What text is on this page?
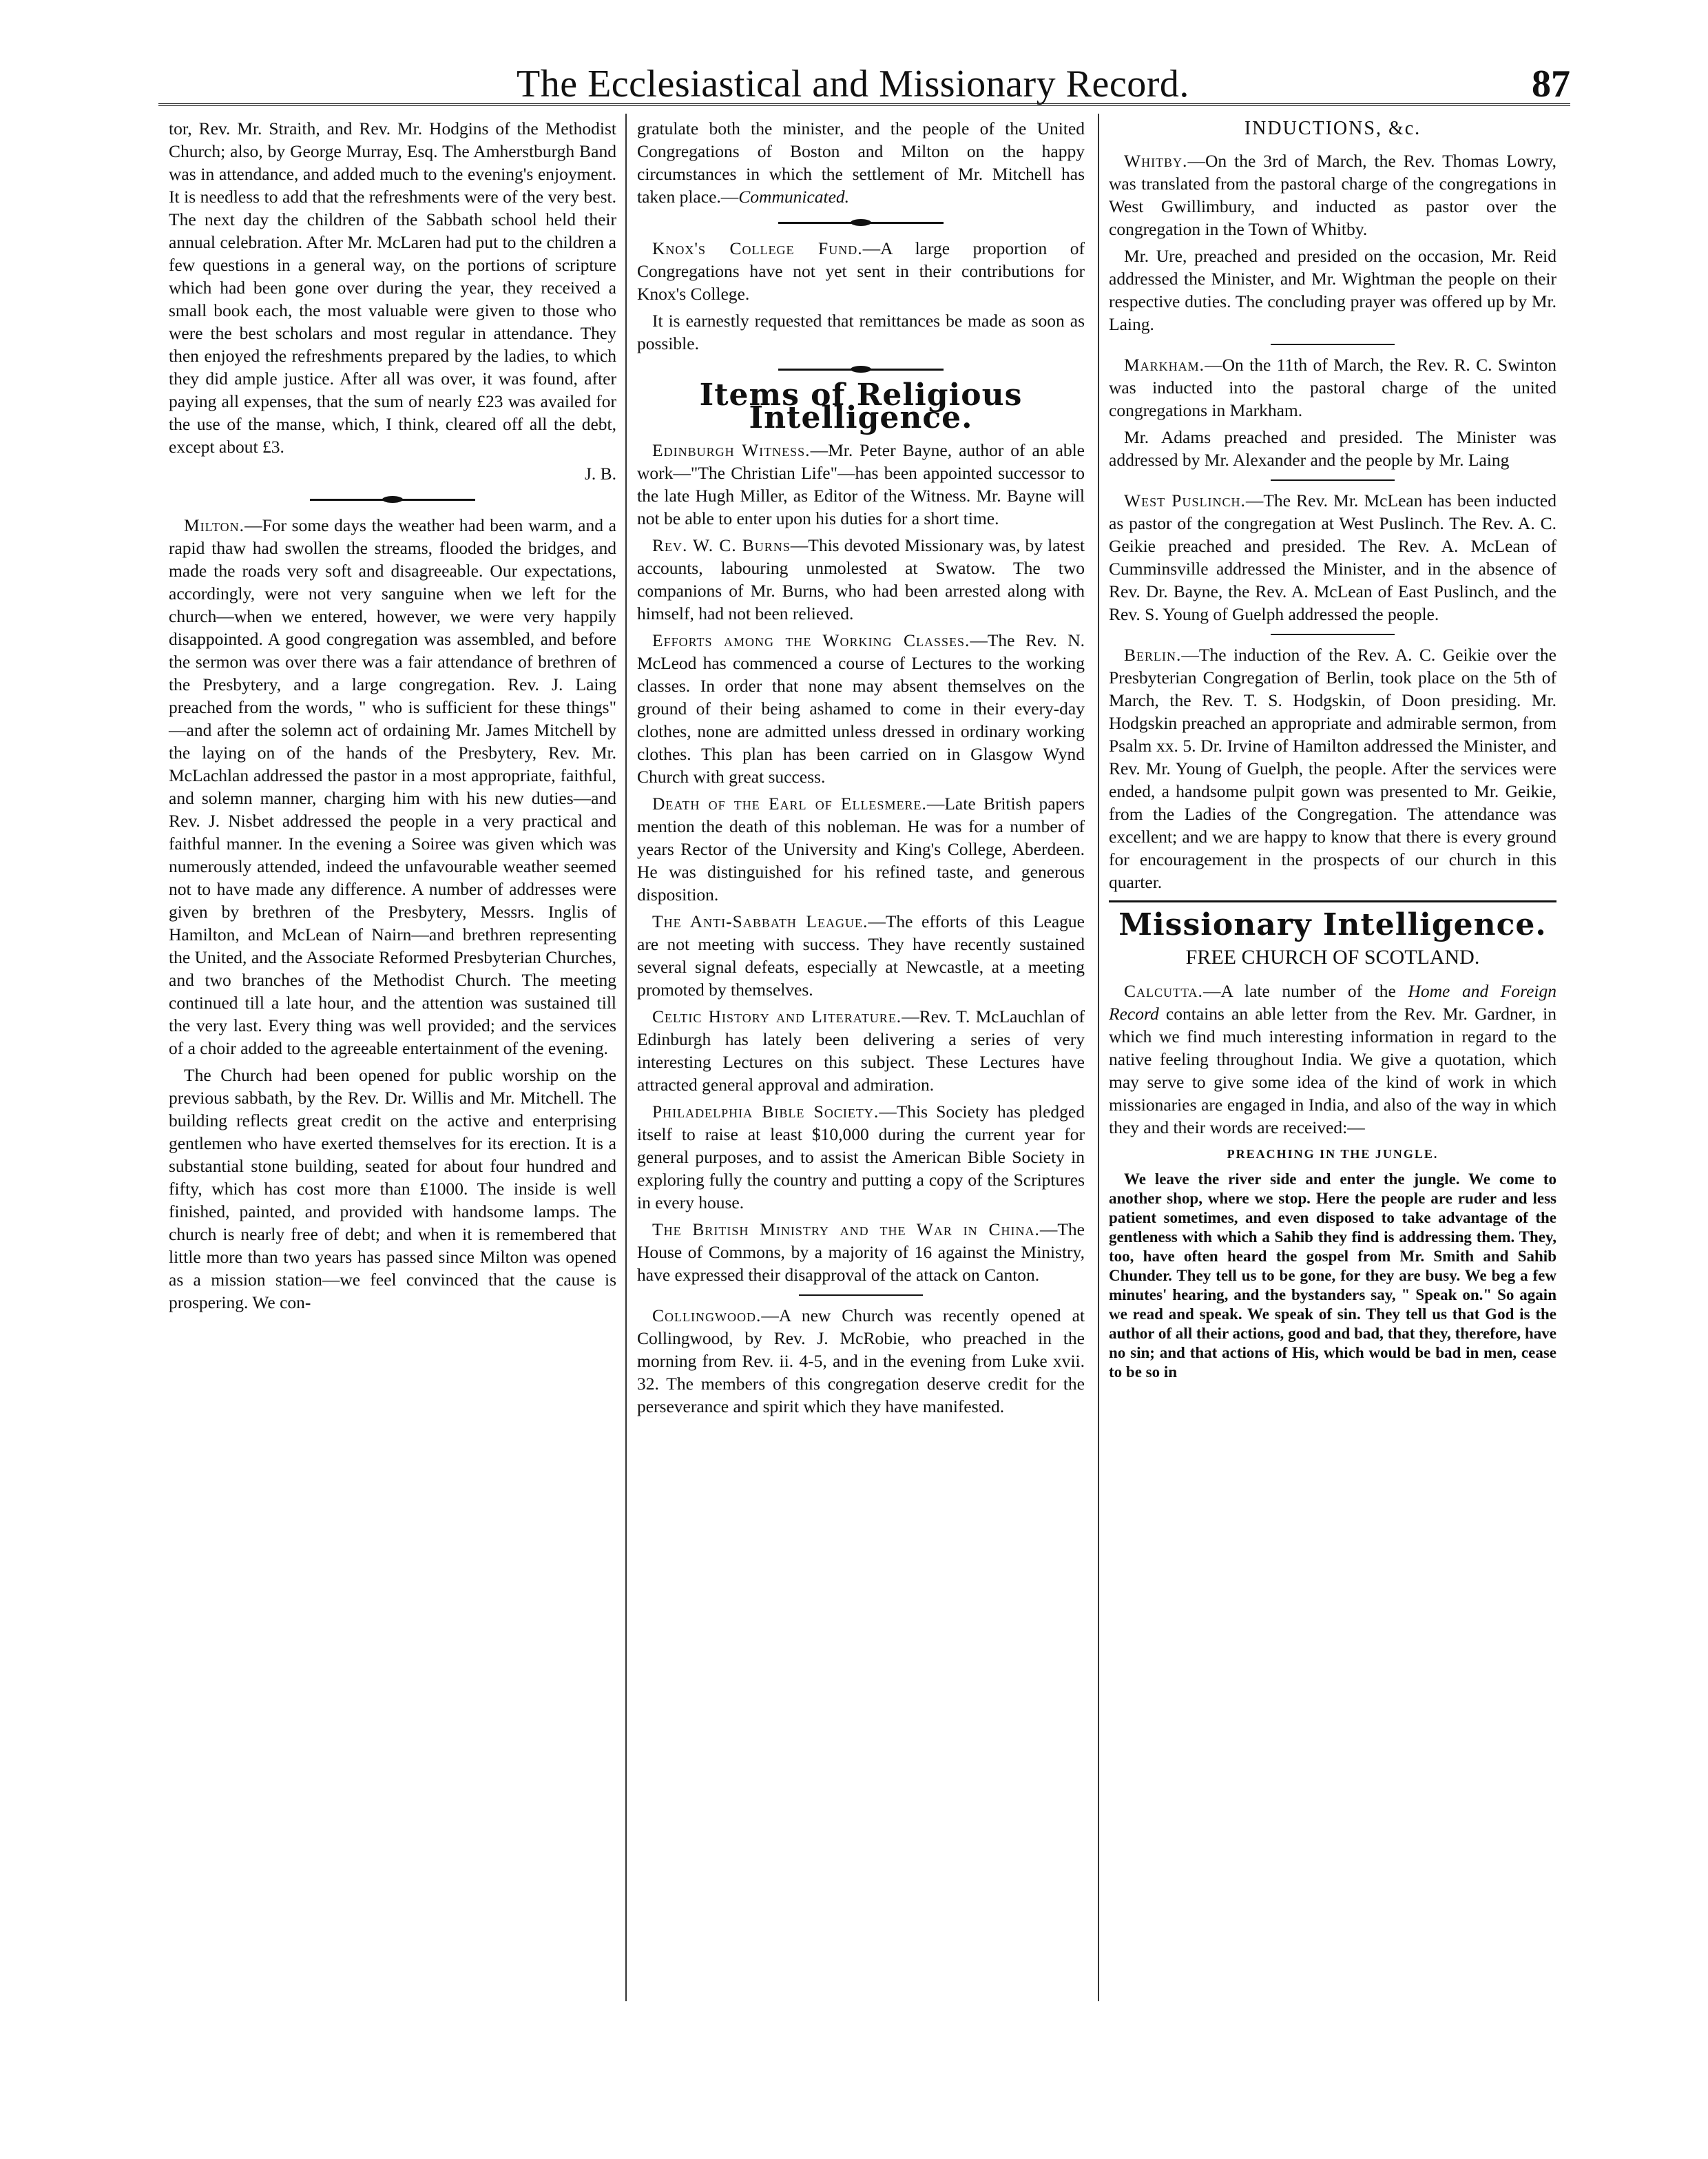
The Ecclesiastical and Missionary Record.	87

tor, Rev. Mr. Straith, and Rev. Mr. Hodgins of the Methodist Church; also, by George Murray, Esq. The Amherstburgh Band was in attendance, and added much to the evening's enjoyment. It is needless to add that the refreshments were of the very best. The next day the children of the Sabbath school held their annual celebration. After Mr. McLaren had put to the children a few questions in a general way, on the portions of scripture which had been gone over during the year, they received a small book each, the most valuable were given to those who were the best scholars and most regular in attendance. They then enjoyed the refreshments prepared by the ladies, to which they did ample justice. After all was over, it was found, after paying all expenses, that the sum of nearly £23 was availed for the use of the manse, which, I think, cleared off all the debt, except about £3.

J. B.

Milton.—For some days the weather had been warm, and a rapid thaw had swollen the streams, flooded the bridges, and made the roads very soft and disagreeable. Our expectations, accordingly, were not very sanguine when we left for the church—when we entered, however, we were very happily disappointed. A good congregation was assembled, and before the sermon was over there was a fair attendance of brethren of the Presbytery, and a large congregation. Rev. J. Laing preached from the words, " who is sufficient for these things" —and after the solemn act of ordaining Mr. James Mitchell by the laying on of the hands of the Presbytery, Rev. Mr. McLachlan addressed the pastor in a most appropriate, faithful, and solemn manner, charging him with his new duties—and Rev. J. Nisbet addressed the people in a very practical and faithful manner. In the evening a Soiree was given which was numerously attended, indeed the unfavourable weather seemed not to have made any difference. A number of addresses were given by brethren of the Presbytery, Messrs. Inglis of Hamilton, and McLean of Nairn—and brethren representing the United, and the Associate Reformed Presbyterian Churches, and two branches of the Methodist Church. The meeting continued till a late hour, and the attention was sustained till the very last. Every thing was well provided; and the services of a choir added to the agreeable entertainment of the evening.

The Church had been opened for public worship on the previous sabbath, by the Rev. Dr. Willis and Mr. Mitchell. The building reflects great credit on the active and enterprising gentlemen who have exerted themselves for its erection. It is a substantial stone building, seated for about four hundred and fifty, which has cost more than £1000. The inside is well finished, painted, and provided with handsome lamps. The church is nearly free of debt; and when it is remembered that little more than two years has passed since Milton was opened as a mission station—we feel convinced that the cause is prospering. We con-

gratulate both the minister, and the people of the United Congregations of Boston and Milton on the happy circumstances in which the settlement of Mr. Mitchell has taken place.—Communicated.

Knox's College Fund.—A large proportion of Congregations have not yet sent in their contributions for Knox's College.

It is earnestly requested that remittances be made as soon as possible.

Items of Religious Intelligence.

Edinburgh Witness.—Mr. Peter Bayne, author of an able work—"The Christian Life"—has been appointed successor to the late Hugh Miller, as Editor of the Witness. Mr. Bayne will not be able to enter upon his duties for a short time.

Rev. W. C. Burns—This devoted Missionary was, by latest accounts, labouring unmolested at Swatow. The two companions of Mr. Burns, who had been arrested along with himself, had not been relieved.

Efforts among the Working Classes.—The Rev. N. McLeod has commenced a course of Lectures to the working classes. In order that none may absent themselves on the ground of their being ashamed to come in their every-day clothes, none are admitted unless dressed in ordinary working clothes. This plan has been carried on in Glasgow Wynd Church with great success.

Death of the Earl of Ellesmere.—Late British papers mention the death of this nobleman. He was for a number of years Rector of the University and King's College, Aberdeen. He was distinguished for his refined taste, and generous disposition.

The Anti-Sabbath League.—The efforts of this League are not meeting with success. They have recently sustained several signal defeats, especially at Newcastle, at a meeting promoted by themselves.

Celtic History and Literature.—Rev. T. McLauchlan of Edinburgh has lately been delivering a series of very interesting Lectures on this subject. These Lectures have attracted general approval and admiration.

Philadelphia Bible Society.—This Society has pledged itself to raise at least $10,000 during the current year for general purposes, and to assist the American Bible Society in exploring fully the country and putting a copy of the Scriptures in every house.

The British Ministry and the War in China.—The House of Commons, by a majority of 16 against the Ministry, have expressed their disapproval of the attack on Canton.

Collingwood.—A new Church was recently opened at Collingwood, by Rev. J. McRobie, who preached in the morning from Rev. ii. 4-5, and in the evening from Luke xvii. 32. The members of this congregation deserve credit for the perseverance and spirit which they have manifested.

INDUCTIONS, &c.

Whitby.—On the 3rd of March, the Rev. Thomas Lowry, was translated from the pastoral charge of the congregations in West Gwillimbury, and inducted as pastor over the congregation in the Town of Whitby.

Mr. Ure, preached and presided on the occasion, Mr. Reid addressed the Minister, and Mr. Wightman the people on their respective duties. The concluding prayer was offered up by Mr. Laing.

Markham.—On the 11th of March, the Rev. R. C. Swinton was inducted into the pastoral charge of the united congregations in Markham.

Mr. Adams preached and presided. The Minister was addressed by Mr. Alexander and the people by Mr. Laing

West Puslinch.—The Rev. Mr. McLean has been inducted as pastor of the congregation at West Puslinch. The Rev. A. C. Geikie preached and presided. The Rev. A. McLean of Cumminsville addressed the Minister, and in the absence of Rev. Dr. Bayne, the Rev. A. McLean of East Puslinch, and the Rev. S. Young of Guelph addressed the people.

Berlin.—The induction of the Rev. A. C. Geikie over the Presbyterian Congregation of Berlin, took place on the 5th of March, the Rev. T. S. Hodgskin, of Doon presiding. Mr. Hodgskin preached an appropriate and admirable sermon, from Psalm xx. 5. Dr. Irvine of Hamilton addressed the Minister, and Rev. Mr. Young of Guelph, the people. After the services were ended, a handsome pulpit gown was presented to Mr. Geikie, from the Ladies of the Congregation. The attendance was excellent; and we are happy to know that there is every ground for encouragement in the prospects of our church in this quarter.

Missionary Intelligence.
FREE CHURCH OF SCOTLAND.

Calcutta.—A late number of the Home and Foreign Record contains an able letter from the Rev. Mr. Gardner, in which we find much interesting information in regard to the native feeling throughout India. We give a quotation, which may serve to give some idea of the kind of work in which missionaries are engaged in India, and also of the way in which they and their words are received:—

PREACHING IN THE JUNGLE.

We leave the river side and enter the jungle. We come to another shop, where we stop. Here the people are ruder and less patient sometimes, and even disposed to take advantage of the gentleness with which a Sahib they find is addressing them. They, too, have often heard the gospel from Mr. Smith and Sahib Chunder. They tell us to be gone, for they are busy. We beg a few minutes' hearing, and the bystanders say, " Speak on." So again we read and speak. We speak of sin. They tell us that God is the author of all their actions, good and bad, that they, therefore, have no sin; and that actions of His, which would be bad in men, cease to be so in
